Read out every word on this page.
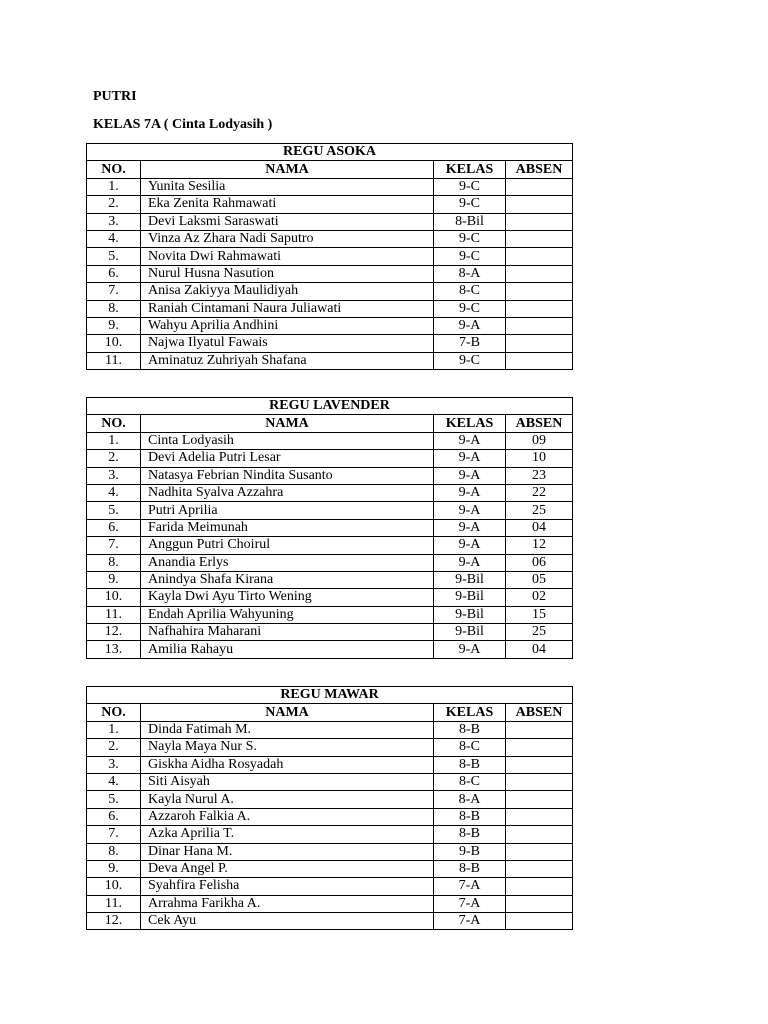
PUTRI
KELAS 7A ( Cinta Lodyasih )
REGU ASOKA			
NO.	NAMA	KELAS	ABSEN
1.	Yunita Sesilia	9-C	
2.	Eka Zenita Rahmawati	9-C	
3.	Devi Laksmi Saraswati	8-Bil	
4.	Vinza Az Zhara Nadi Saputro	9-C	
5.	Novita Dwi Rahmawati	9-C	
6.	Nurul Husna Nasution	8-A	
7.	Anisa Zakiyya Maulidiyah	8-C	
8.	Raniah Cintamani Naura Juliawati	9-C	
9.	Wahyu Aprilia Andhini	9-A	
10.	Najwa Ilyatul Fawais	7-B	
11.	Aminatuz Zuhriyah Shafana	9-C	
REGU LAVENDER			
NO.	NAMA	KELAS	ABSEN
1.	Cinta Lodyasih	9-A	09
2.	Devi Adelia Putri Lesar	9-A	10
3.	Natasya Febrian Nindita Susanto	9-A	23
4.	Nadhita Syalva Azzahra	9-A	22
5.	Putri Aprilia	9-A	25
6.	Farida Meimunah	9-A	04
7.	Anggun Putri Choirul	9-A	12
8.	Anandia Erlys	9-A	06
9.	Anindya Shafa Kirana	9-Bil	05
10.	Kayla Dwi Ayu Tirto Wening	9-Bil	02
11.	Endah Aprilia Wahyuning	9-Bil	15
12.	Nafhahira Maharani	9-Bil	25
13.	Amilia Rahayu	9-A	04
REGU MAWAR			
NO.	NAMA	KELAS	ABSEN
1.	Dinda Fatimah M.	8-B	
2.	Nayla Maya Nur S.	8-C	
3.	Giskha Aidha Rosyadah	8-B	
4.	Siti Aisyah	8-C	
5.	Kayla Nurul A.	8-A	
6.	Azzaroh Falkia A.	8-B	
7.	Azka Aprilia T.	8-B	
8.	Dinar Hana M.	9-B	
9.	Deva Angel P.	8-B	
10.	Syahfira Felisha	7-A	
11.	Arrahma Farikha A.	7-A	
12.	Cek Ayu	7-A	
